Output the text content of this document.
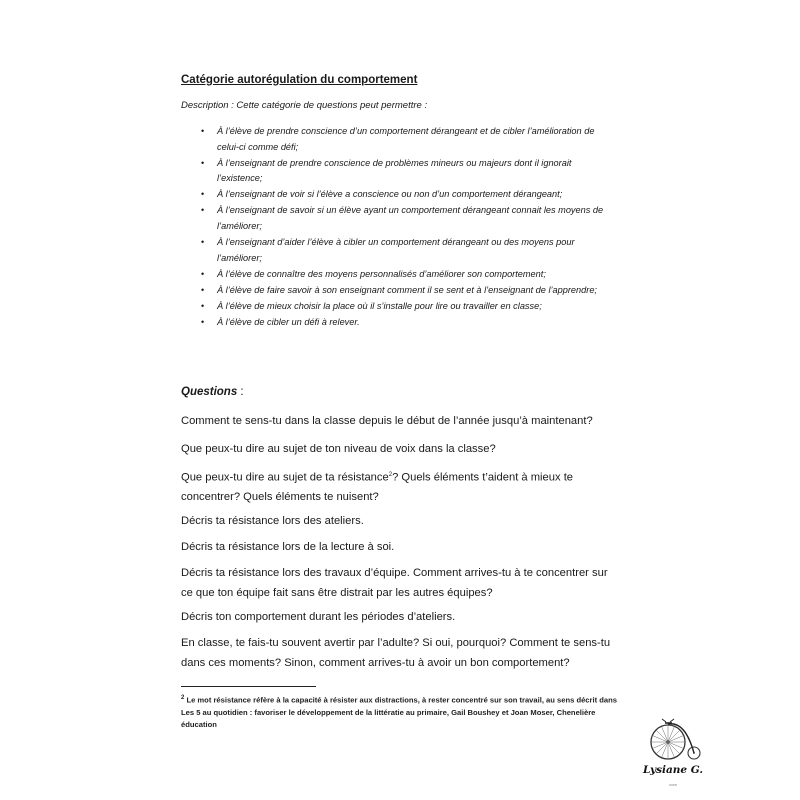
Catégorie autorégulation du comportement

Description : Cette catégorie de questions peut permettre :

• À l’élève de prendre conscience d’un comportement dérangeant et de cibler l’amélioration de celui-ci comme défi;
• À l’enseignant de prendre conscience de problèmes mineurs ou majeurs dont il ignorait l’existence;
• À l’enseignant de voir si l’élève a conscience ou non d’un comportement dérangeant;
• À l’enseignant de savoir si un élève ayant un comportement dérangeant connait les moyens de l’améliorer;
• À l’enseignant d’aider l’élève à cibler un comportement dérangeant ou des moyens pour l’améliorer;
• À l’élève de connaître des moyens personnalisés d’améliorer son comportement;
• À l’élève de faire savoir à son enseignant comment il se sent et à l’enseignant de l’apprendre;
• À l’élève de mieux choisir la place où il s’installe pour lire ou travailler en classe;
• À l’élève de cibler un défi à relever.

Questions :

Comment te sens-tu dans la classe depuis le début de l’année jusqu’à maintenant?

Que peux-tu dire au sujet de ton niveau de voix dans la classe?

Que peux-tu dire au sujet de ta résistance$^2$? Quels éléments t’aident à mieux te concentrer? Quels éléments te nuisent?

Décris ta résistance lors des ateliers.

Décris ta résistance lors de la lecture à soi.

Décris ta résistance lors des travaux d’équipe. Comment arrives-tu à te concentrer sur ce que ton équipe fait sans être distrait par les autres équipes?

Décris ton comportement durant les périodes d’ateliers.

En classe, te fais-tu souvent avertir par l’adulte? Si oui, pourquoi? Comment te sens-tu dans ces moments? Sinon, comment arrives-tu à avoir un bon comportement?

$^2$ Le mot résistance réfère à la capacité à résister aux distractions, à rester concentré sur son travail, au sens décrit dans Les 5 au quotidien : favoriser le développement de la littératie au primaire, Gail Boushey et Joan Moser, Chenelière éducation

Lysiane G.
com
